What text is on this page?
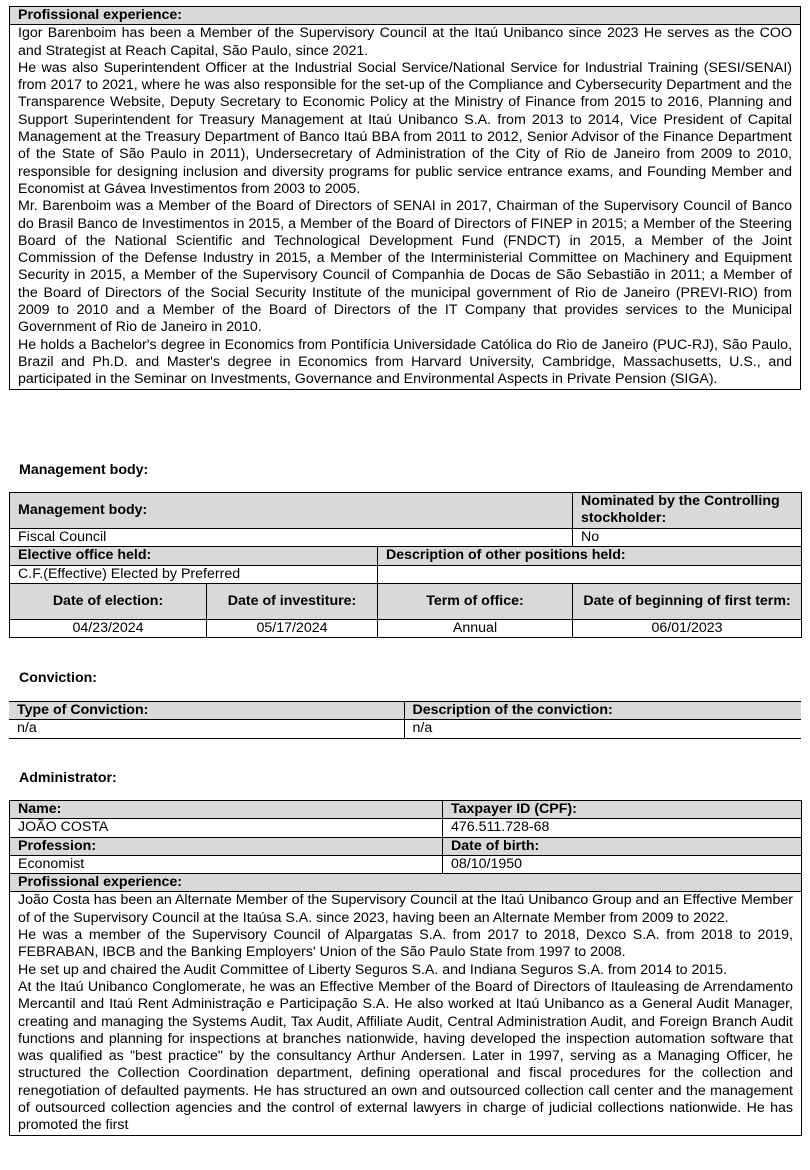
Profissional experience:

Igor Barenboim has been a Member of the Supervisory Council at the Itaú Unibanco since 2023 He serves as the COO and Strategist at Reach Capital, São Paulo, since 2021.

He was also Superintendent Officer at the Industrial Social Service/National Service for Industrial Training (SESI/SENAI) from 2017 to 2021, where he was also responsible for the set-up of the Compliance and Cybersecurity Department and the Transparence Website, Deputy Secretary to Economic Policy at the Ministry of Finance from 2015 to 2016, Planning and Support Superintendent for Treasury Management at Itaú Unibanco S.A. from 2013 to 2014, Vice President of Capital Management at the Treasury Department of Banco Itaú BBA from 2011 to 2012, Senior Advisor of the Finance Department of the State of São Paulo in 2011), Undersecretary of Administration of the City of Rio de Janeiro from 2009 to 2010, responsible for designing inclusion and diversity programs for public service entrance exams, and Founding Member and Economist at Gávea Investimentos from 2003 to 2005.

Mr. Barenboim was a Member of the Board of Directors of SENAI in 2017, Chairman of the Supervisory Council of Banco do Brasil Banco de Investimentos in 2015, a Member of the Board of Directors of FINEP in 2015; a Member of the Steering Board of the National Scientific and Technological Development Fund (FNDCT) in 2015, a Member of the Joint Commission of the Defense Industry in 2015, a Member of the Interministerial Committee on Machinery and Equipment Security in 2015, a Member of the Supervisory Council of Companhia de Docas de São Sebastião in 2011; a Member of the Board of Directors of the Social Security Institute of the municipal government of Rio de Janeiro (PREVI-RIO) from 2009 to 2010 and a Member of the Board of Directors of the IT Company that provides services to the Municipal Government of Rio de Janeiro in 2010.

He holds a Bachelor's degree in Economics from Pontifícia Universidade Católica do Rio de Janeiro (PUC-RJ), São Paulo, Brazil and Ph.D. and Master's degree in Economics from Harvard University, Cambridge, Massachusetts, U.S., and participated in the Seminar on Investments, Governance and Environmental Aspects in Private Pension (SIGA).

Management body:
Management body:			Nominated by the Controlling stockholder:
Fiscal Council			No
Elective office held:		Description of other positions held:	
C.F.(Effective) Elected by Preferred			
Date of election:	Date of investiture:	Term of office:	Date of beginning of first term:
04/23/2024	05/17/2024	Annual	06/01/2023
Conviction:
Type of Conviction:	Description of the conviction:
n/a	n/a
Administrator:
Name:	Taxpayer ID (CPF):
JOÃO COSTA	476.511.728-68
Profession:	Date of birth:
Economist	08/10/1950
Profissional experience:	

João Costa has been an Alternate Member of the Supervisory Council at the Itaú Unibanco Group and an Effective Member of of the Supervisory Council at the Itaúsa S.A. since 2023, having been an Alternate Member from 2009 to 2022.

He was a member of the Supervisory Council of Alpargatas S.A. from 2017 to 2018, Dexco S.A. from 2018 to 2019, FEBRABAN, IBCB and the Banking Employers' Union of the São Paulo State from 1997 to 2008.

He set up and chaired the Audit Committee of Liberty Seguros S.A. and Indiana Seguros S.A. from 2014 to 2015.

At the Itaú Unibanco Conglomerate, he was an Effective Member of the Board of Directors of Itauleasing de Arrendamento Mercantil and Itaú Rent Administração e Participação S.A. He also worked at Itaú Unibanco as a General Audit Manager, creating and managing the Systems Audit, Tax Audit, Affiliate Audit, Central Administration Audit, and Foreign Branch Audit functions and planning for inspections at branches nationwide, having developed the inspection automation software that was qualified as "best practice" by the consultancy Arthur Andersen. Later in 1997, serving as a Managing Officer, he structured the Collection Coordination department, defining operational and fiscal procedures for the collection and renegotiation of defaulted payments. He has structured an own and outsourced collection call center and the management of outsourced collection agencies and the control of external lawyers in charge of judicial collections nationwide. He has promoted the first	
